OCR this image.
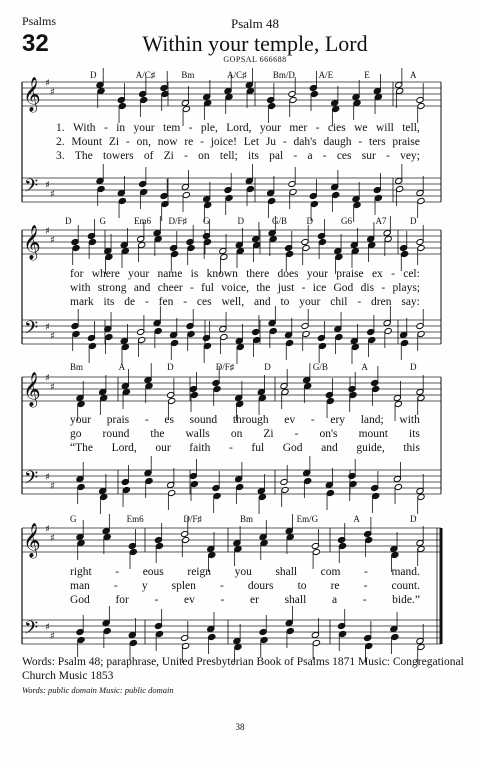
Psalms
32
Psalm 48
Within your temple, Lord
GOPSAL 666688
𝄞
𝄢
♯
♯
♯
♯
𝄞
𝄢
♯
♯
♯
♯
𝄞
𝄢
♯
♯
♯
♯
𝄞
𝄢
♯
♯
♯
♯
D	A/C♯	Bm	A/C♯	Bm/D	A/E	E	A
1. With - in your tem - ple, Lord, your mer - cies we will tell,
2. Mount Zi - on, now re - joice! Let Ju - dah's daugh - ters praise
3. The towers of Zi - on tell; its pal - a - ces sur - vey;
D	G	Em6 D/F♯ G	D	G/B D	G6	A7	D
for where your name is known there does your praise ex - cel:
with strong and cheer - ful voice, the just - ice God dis - plays;
mark its de - fen - ces well, and to your chil - dren say:
Bm	A	D	D/F♯	D	G/B	A	D
your prais - es sound through ev - ery land; with
go round the walls on Zi - on's mount its
“The Lord, our faith - ful God and guide, this
G	Em6	D/F♯	Bm	Em/G	A	D
right - eous reign you shall com - mand.
man - y splen - dours to re - count.
God for - ev - er shall a - bide.”
Words: Psalm 48; paraphrase, United Presbyterian Book of Psalms 1871 Music: Congregational Church Music 1853
Words: public domain Music: public domain
38
